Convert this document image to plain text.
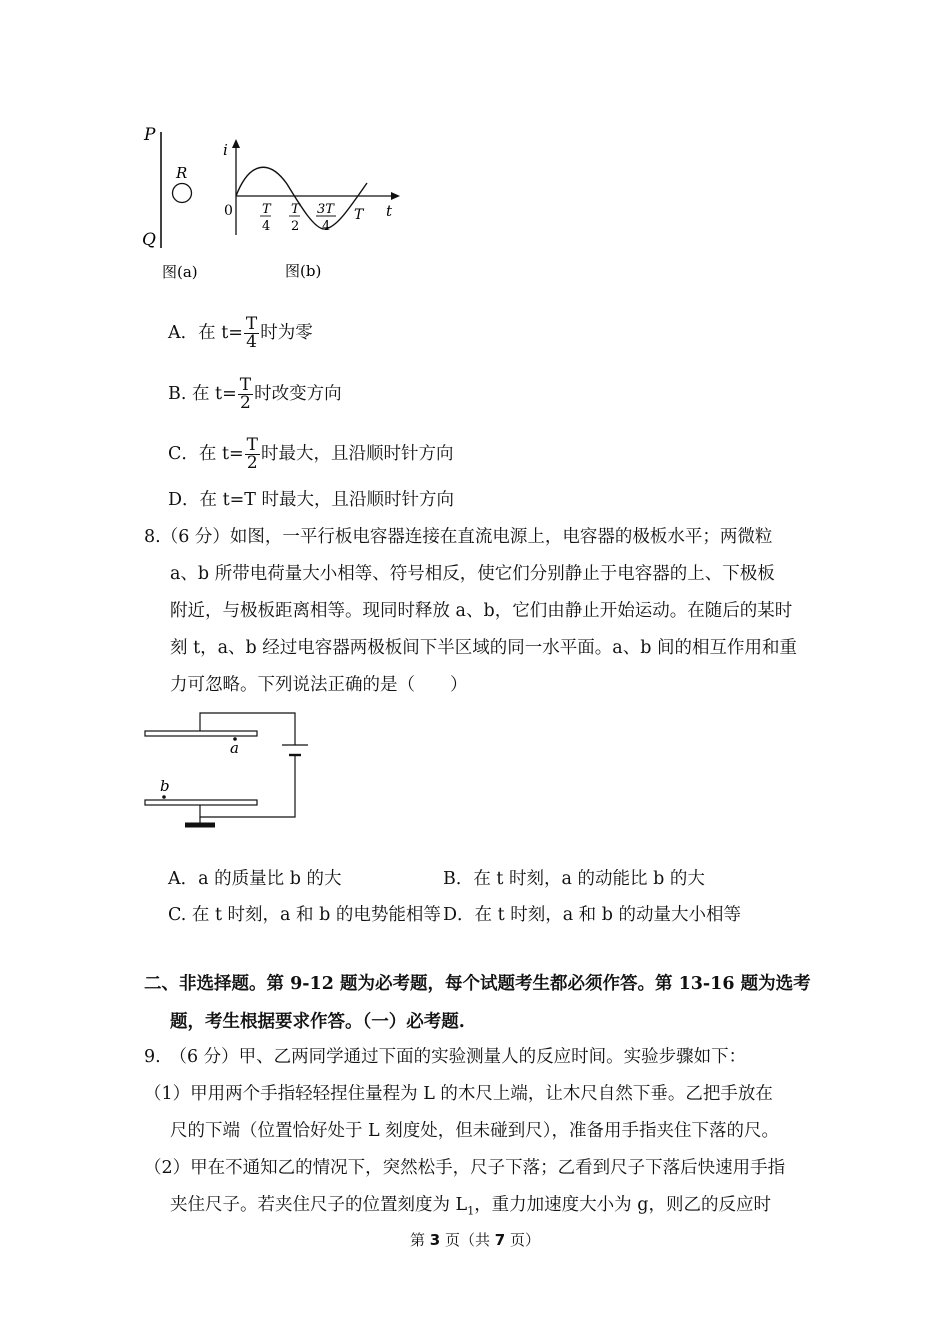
P
R
Q
图(a)
i
t
0 T
4
T
2
3T
4
T
图(b)
A．在 $t= \frac{T}{4}$ 时为零
B. 在 $t= \frac{T}{2}$ 时改变方向
C．在 $t= \frac{T}{2}$ 时最大，且沿顺时针方向
D．在 t=T 时最大，且沿顺时针方向
8.（6 分）如图，一平行板电容器连接在直流电源上，电容器的极板水平；两微粒
a、b 所带电荷量大小相等、符号相反，使它们分别静止于电容器的上、下极板
附近，与极板距离相等。现同时释放 a、b，它们由静止开始运动。在随后的某时
刻 t，a、b 经过电容器两极板间下半区域的同一水平面。a、b 间的相互作用和重
力可忽略。下列说法正确的是（　　）
a
b
A．a 的质量比 b 的大	B．在 t 时刻，a 的动能比 b 的大
C. 在 t 时刻，a 和 b 的电势能相等 D．在 t 时刻，a 和 b 的动量大小相等
二、非选择题。第 9-12 题为必考题，每个试题考生都必须作答。第 13-16 题为选考
题，考生根据要求作答。（一）必考题.
9.　（6 分）甲、乙两同学通过下面的实验测量人的反应时间。实验步骤如下：
（1）甲用两个手指轻轻捏住量程为 L 的木尺上端，让木尺自然下垂。乙把手放在
尺的下端（位置恰好处于 L 刻度处，但未碰到尺），准备用手指夹住下落的尺。
（2）甲在不通知乙的情况下，突然松手，尺子下落；乙看到尺子下落后快速用手指
夹住尺子。若夹住尺子的位置刻度为 $L_1$，重力加速度大小为 g，则乙的反应时
第 3 页（共 7 页）
